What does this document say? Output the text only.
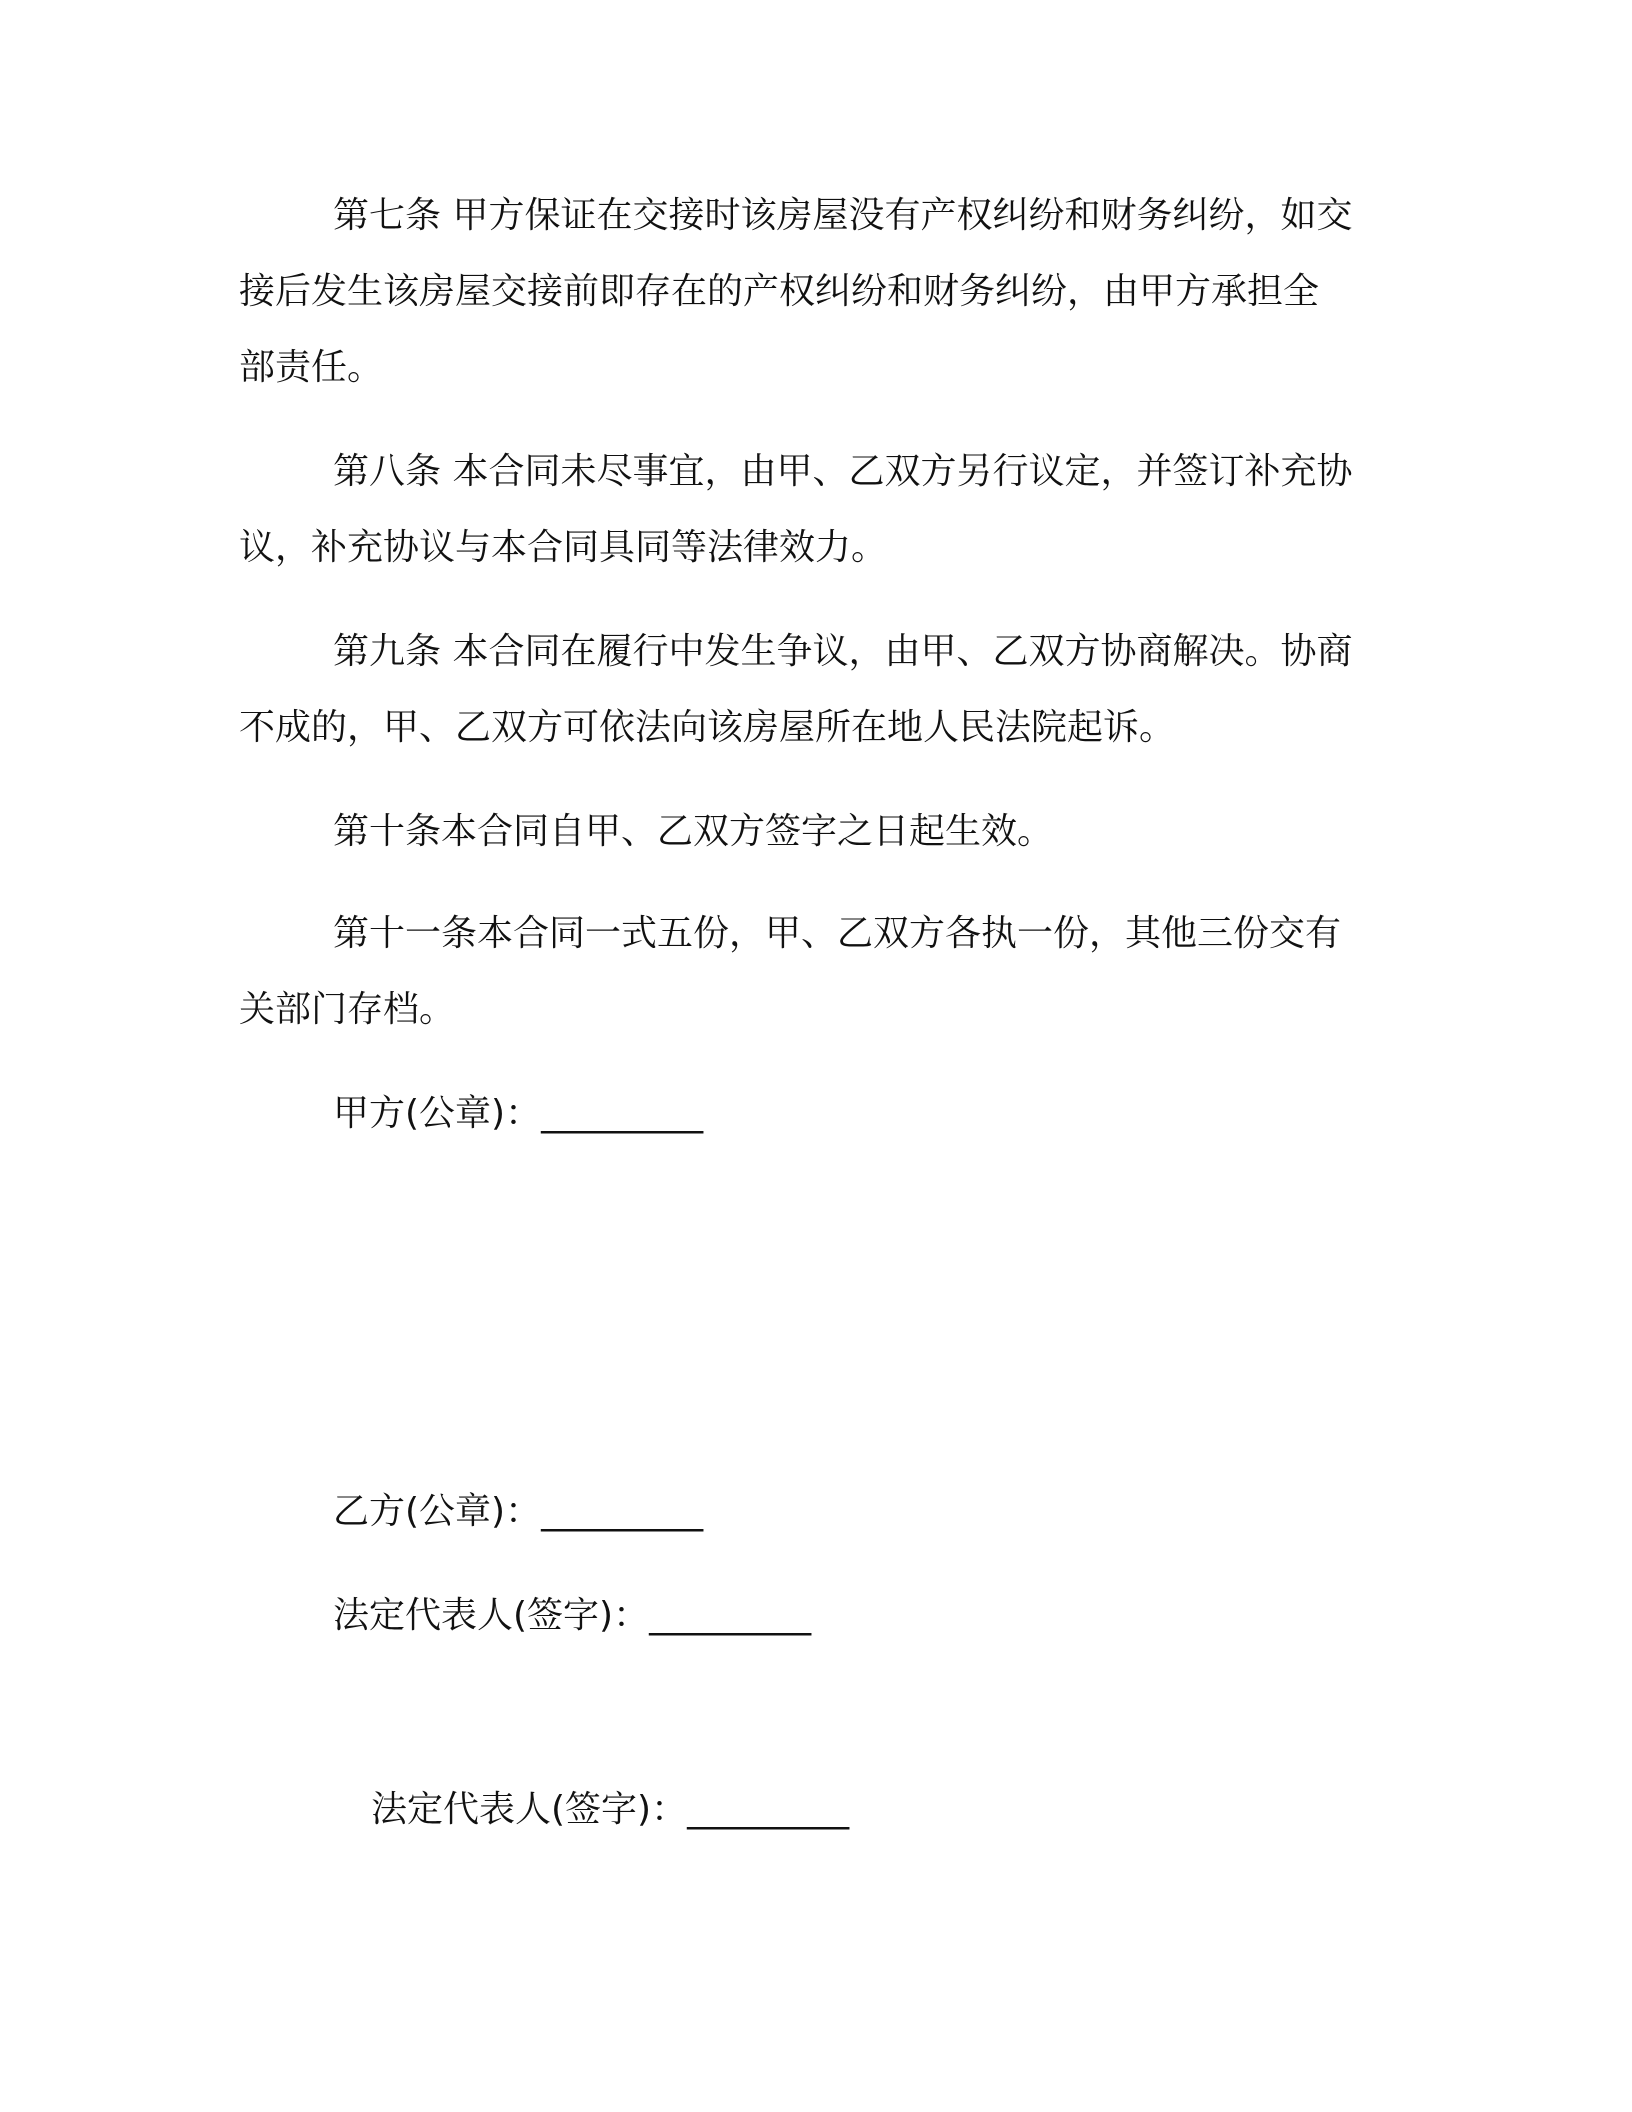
第七条 甲方保证在交接时该房屋没有产权纠纷和财务纠纷，如交
接后发生该房屋交接前即存在的产权纠纷和财务纠纷，由甲方承担全
部责任。
第八条 本合同未尽事宜，由甲、乙双方另行议定，并签订补充协
议，补充协议与本合同具同等法律效力。
第九条 本合同在履行中发生争议，由甲、乙双方协商解决。协商
不成的，甲、乙双方可依法向该房屋所在地人民法院起诉。
第十条本合同自甲、乙双方签字之日起生效。
第十一条本合同一式五份，甲、乙双方各执一份，其他三份交有
关部门存档。
甲方(公章)：_________
乙方(公章)：_________
法定代表人(签字)：_________
法定代表人(签字)：_________
